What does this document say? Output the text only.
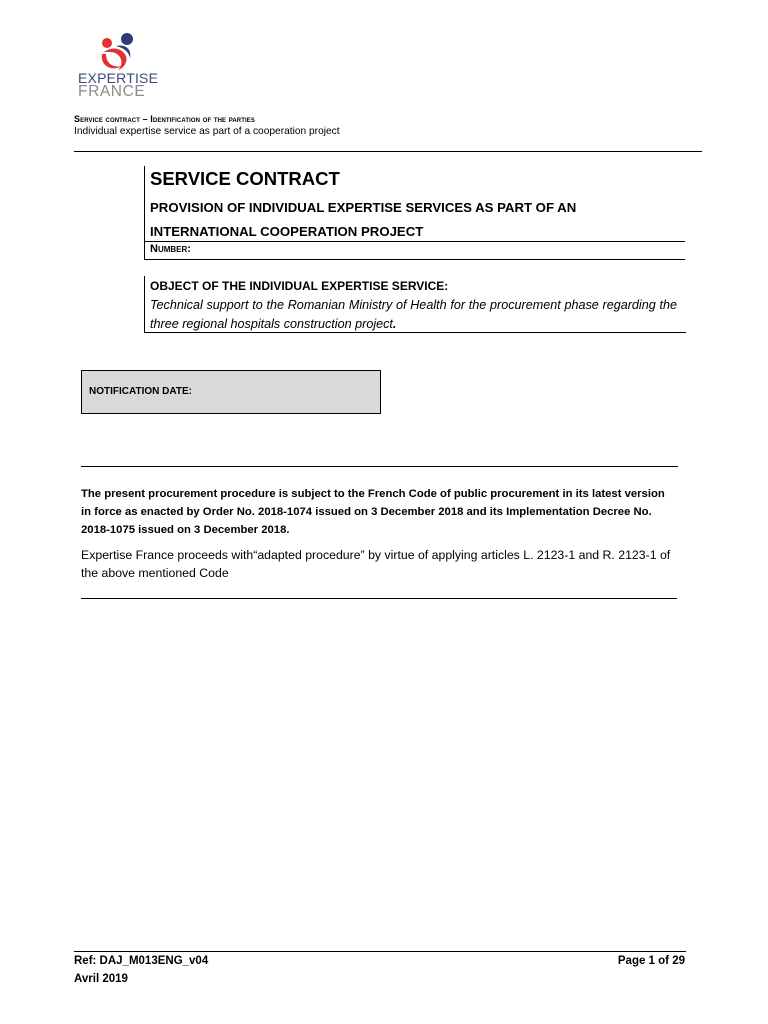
EXPERTISE
FRANCE
Service contract – Identification of the parties
Individual expertise service as part of a cooperation project
SERVICE CONTRACT
PROVISION OF INDIVIDUAL EXPERTISE SERVICES AS PART OF AN INTERNATIONAL COOPERATION PROJECT
Number:
OBJECT OF THE INDIVIDUAL EXPERTISE SERVICE:
Technical support to the Romanian Ministry of Health for the procurement phase regarding the three regional hospitals construction project.
NOTIFICATION DATE:
The present procurement procedure is subject to the French Code of public procurement in its latest version in force as enacted by Order No. 2018-1074 issued on 3 December 2018 and its Implementation Decree No. 2018-1075 issued on 3 December 2018.
Expertise France proceeds with“adapted procedure” by virtue of applying articles L. 2123-1 and R. 2123-1 of the above mentioned Code
Ref: DAJ_M013ENG_v04
Avril 2019
Page 1 of 29
